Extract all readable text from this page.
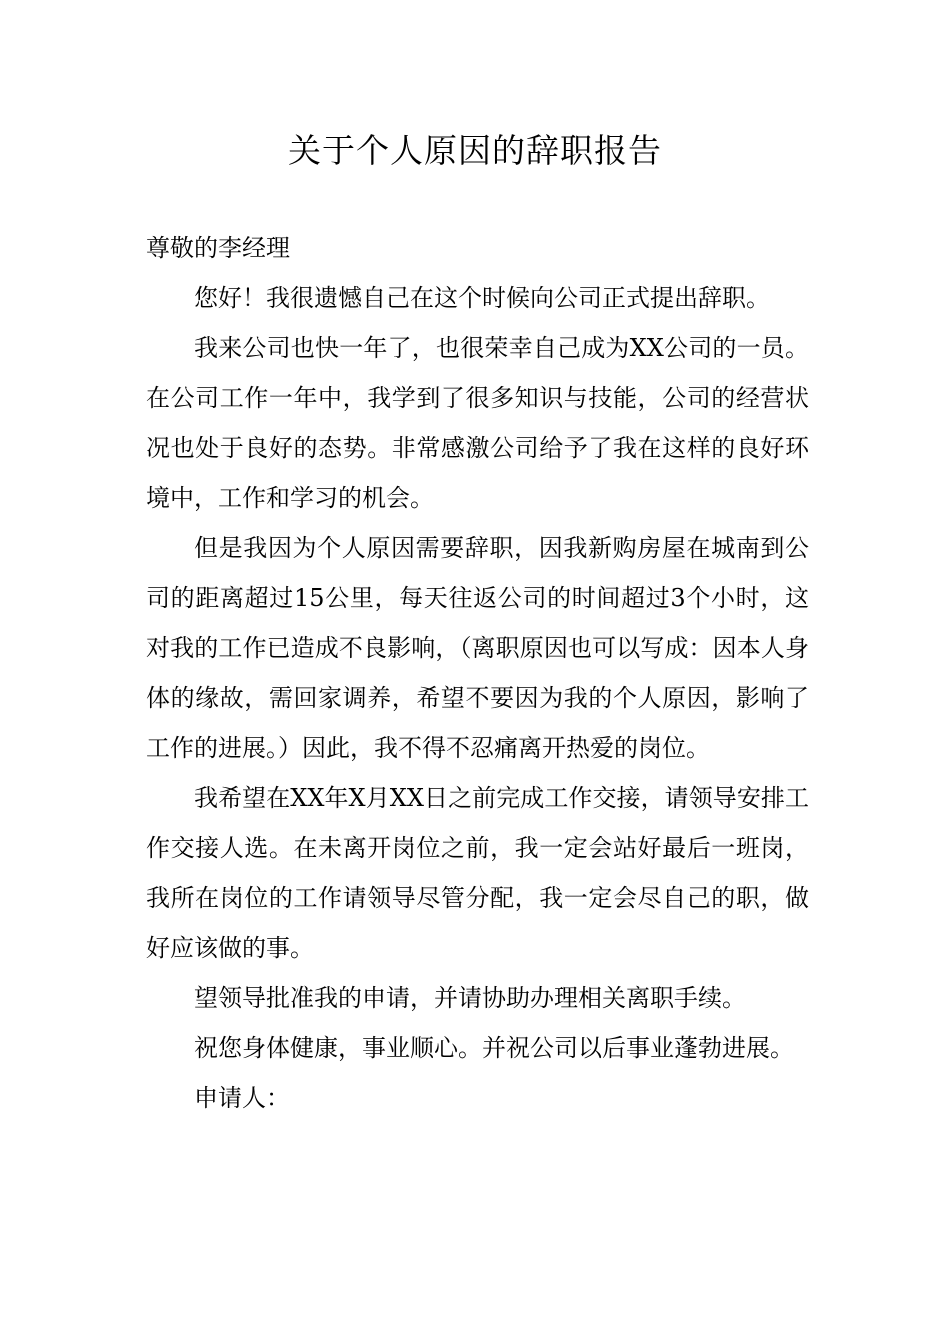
关于个人原因的辞职报告

尊敬的李经理

您好！我很遗憾自己在这个时候向公司正式提出辞职。

我来公司也快一年了，也很荣幸自己成为XX公司的一员。在公司工作一年中，我学到了很多知识与技能，公司的经营状况也处于良好的态势。非常感激公司给予了我在这样的良好环境中，工作和学习的机会。

但是我因为个人原因需要辞职，因我新购房屋在城南到公司的距离超过15公里，每天往返公司的时间超过3个小时，这对我的工作已造成不良影响，（离职原因也可以写成：因本人身体的缘故，需回家调养，希望不要因为我的个人原因，影响了工作的进展。）因此，我不得不忍痛离开热爱的岗位。

我希望在XX年X月XX日之前完成工作交接，请领导安排工作交接人选。在未离开岗位之前，我一定会站好最后一班岗，我所在岗位的工作请领导尽管分配，我一定会尽自己的职，做好应该做的事。

望领导批准我的申请，并请协助办理相关离职手续。

祝您身体健康，事业顺心。并祝公司以后事业蓬勃进展。

申请人：
